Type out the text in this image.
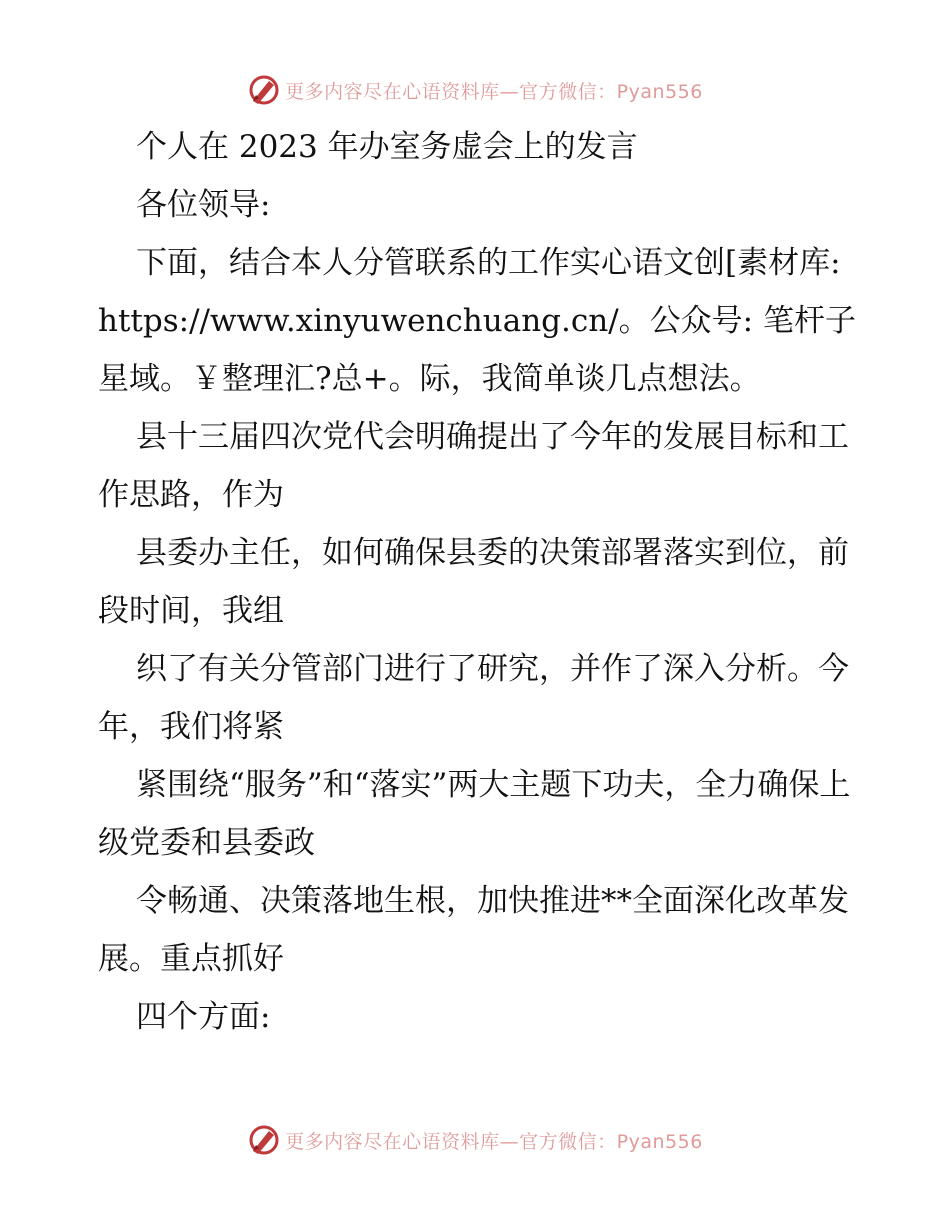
更多内容尽在心语资料库—官方微信：Pyan556

个人在 2023 年办室务虚会上的发言

各位领导:

下面，结合本人分管联系的工作实心语文创[素材库: https://www.xinyuwenchuang.cn/。公众号: 笔杆子星域。￥整理汇?总+。际，我简单谈几点想法。

县十三届四次党代会明确提出了今年的发展目标和工作思路，作为

县委办主任，如何确保县委的决策部署落实到位，前段时间，我组

织了有关分管部门进行了研究，并作了深入分析。今年，我们将紧

紧围绕“服务”和“落实”两大主题下功夫，全力确保上级党委和县委政

令畅通、决策落地生根，加快推进**全面深化改革发展。重点抓好

四个方面:

更多内容尽在心语资料库—官方微信：Pyan556
